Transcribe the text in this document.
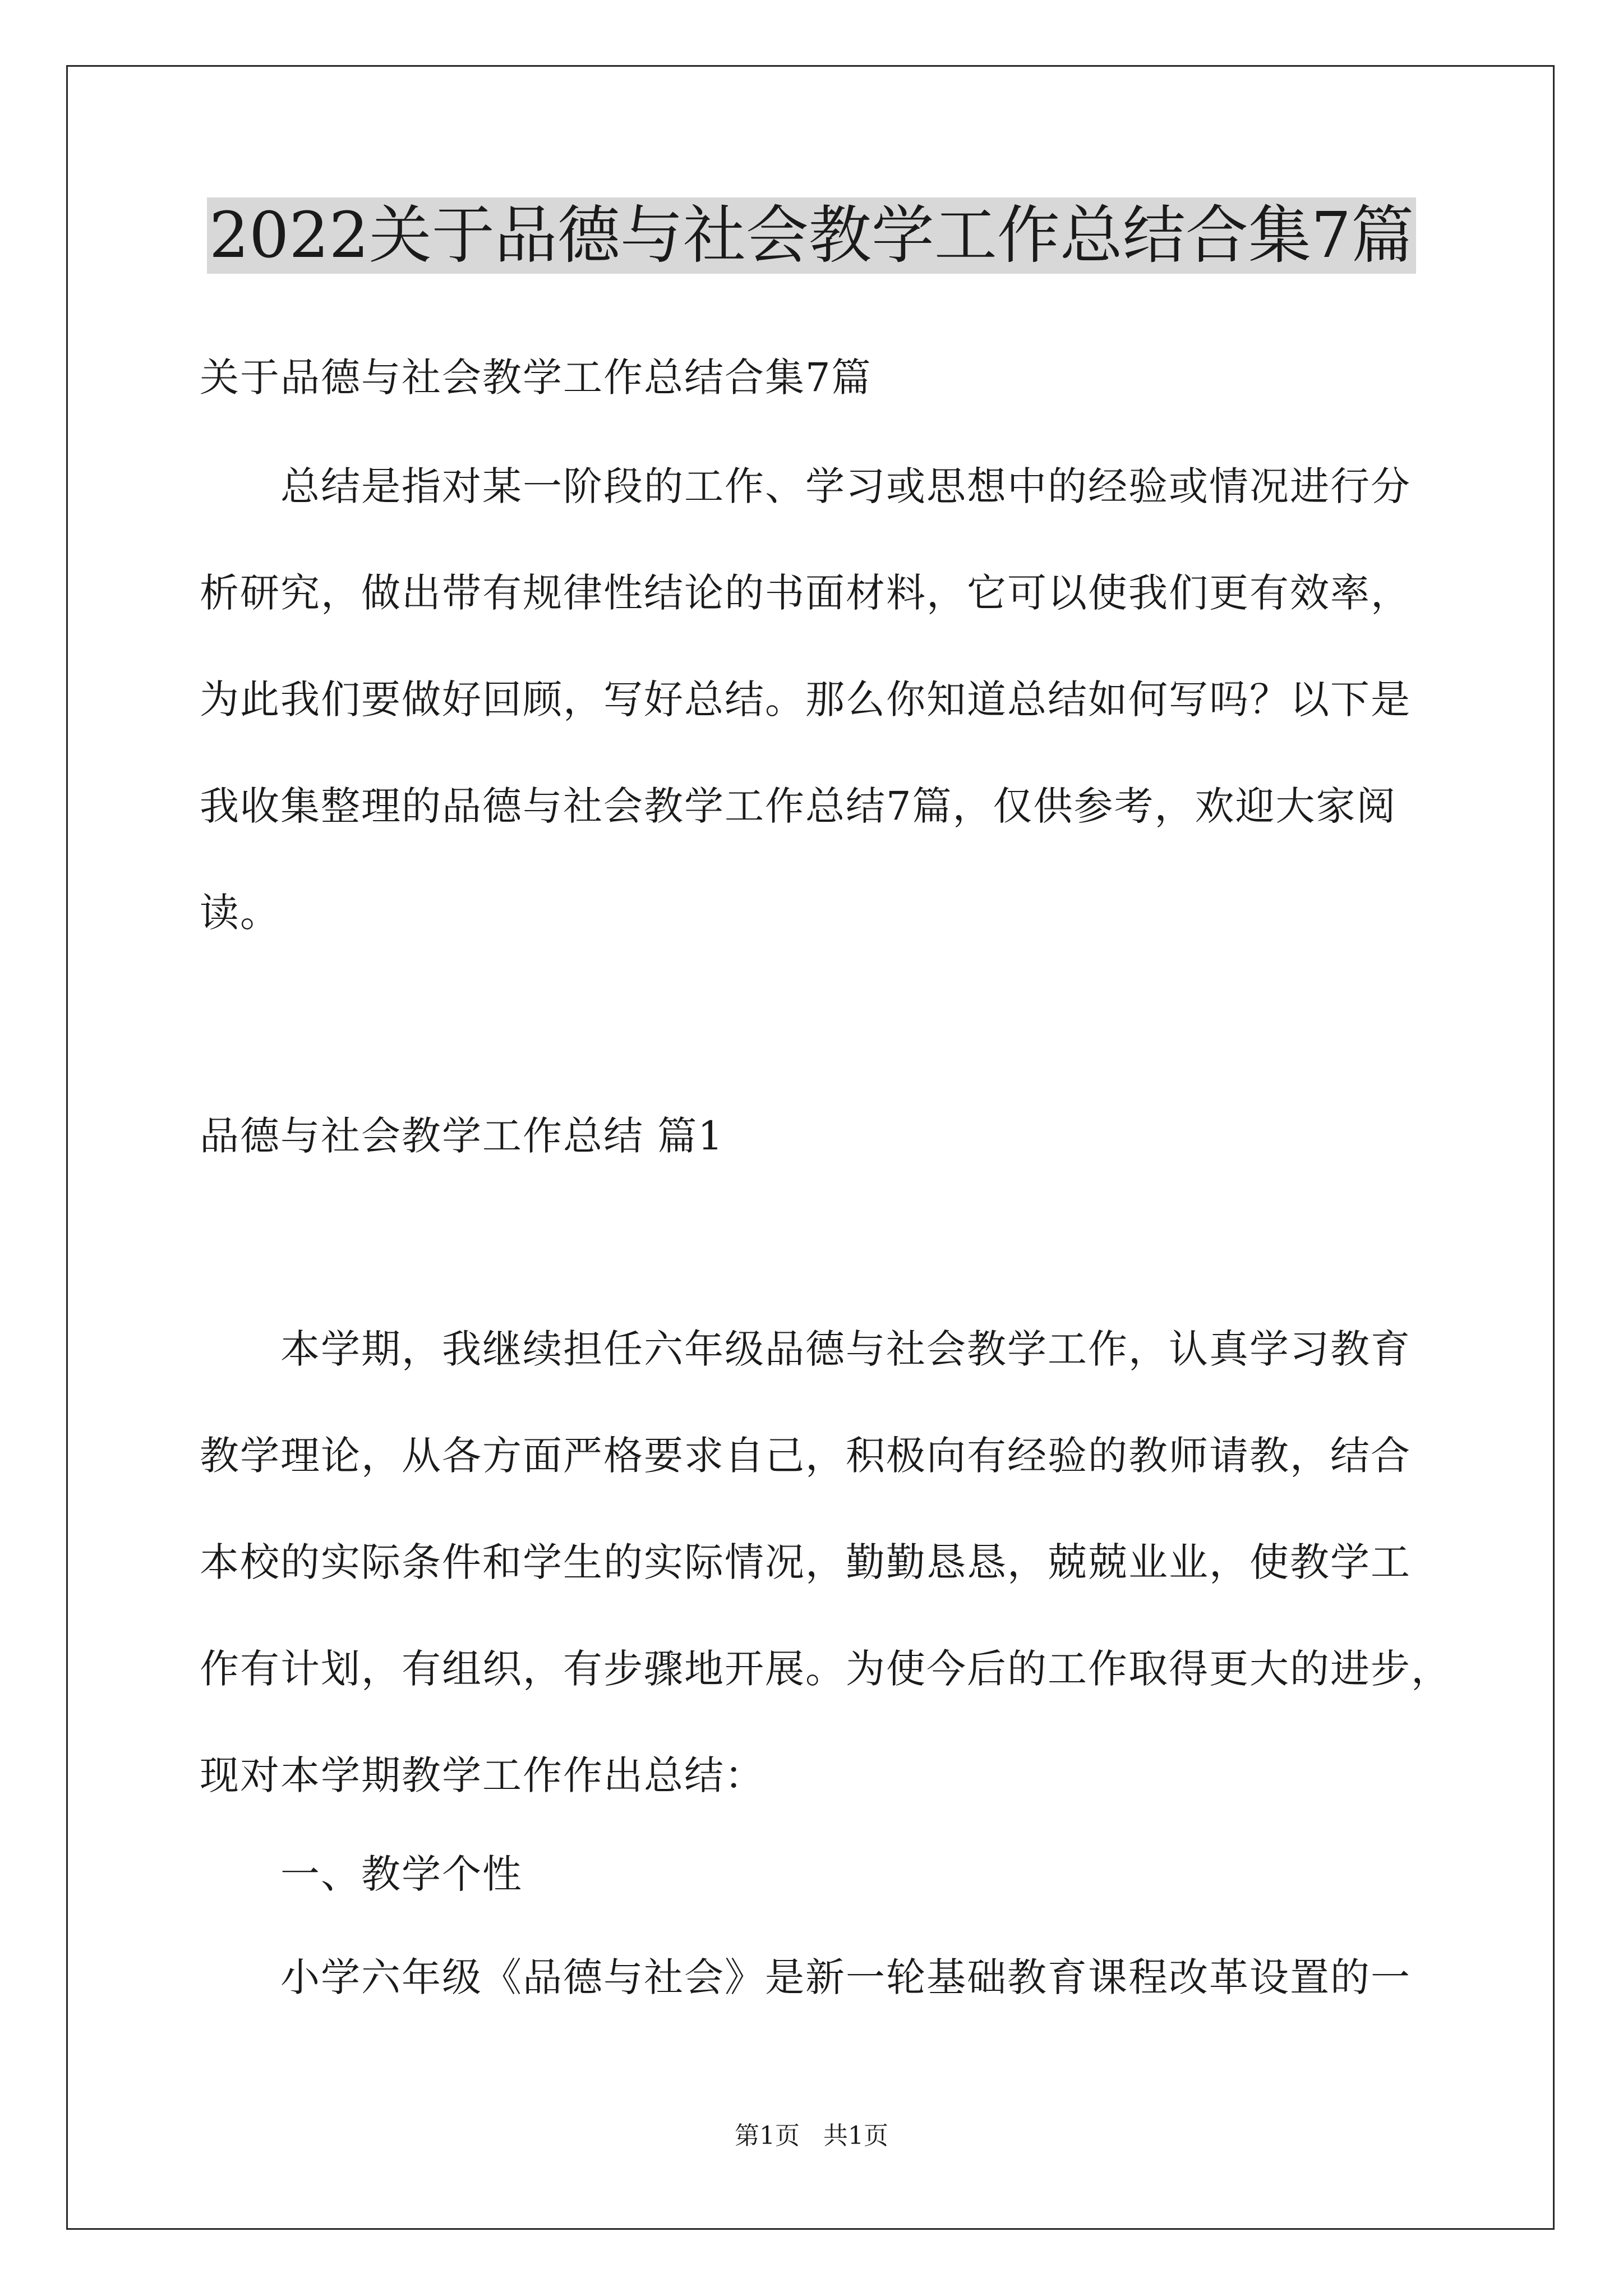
2022关于品德与社会教学工作总结合集7篇
关于品德与社会教学工作总结合集7篇
总结是指对某一阶段的工作、学习或思想中的经验或情况进行分
析研究，做出带有规律性结论的书面材料，它可以使我们更有效率，
为此我们要做好回顾，写好总结。那么你知道总结如何写吗？以下是
我收集整理的品德与社会教学工作总结7篇，仅供参考，欢迎大家阅
读。
品德与社会教学工作总结 篇1
本学期，我继续担任六年级品德与社会教学工作，认真学习教育
教学理论，从各方面严格要求自己，积极向有经验的教师请教，结合
本校的实际条件和学生的实际情况，勤勤恳恳，兢兢业业，使教学工
作有计划，有组织，有步骤地开展。为使今后的工作取得更大的进步，
现对本学期教学工作作出总结：
一、教学个性
小学六年级《品德与社会》是新一轮基础教育课程改革设置的一
第1页   共1页
